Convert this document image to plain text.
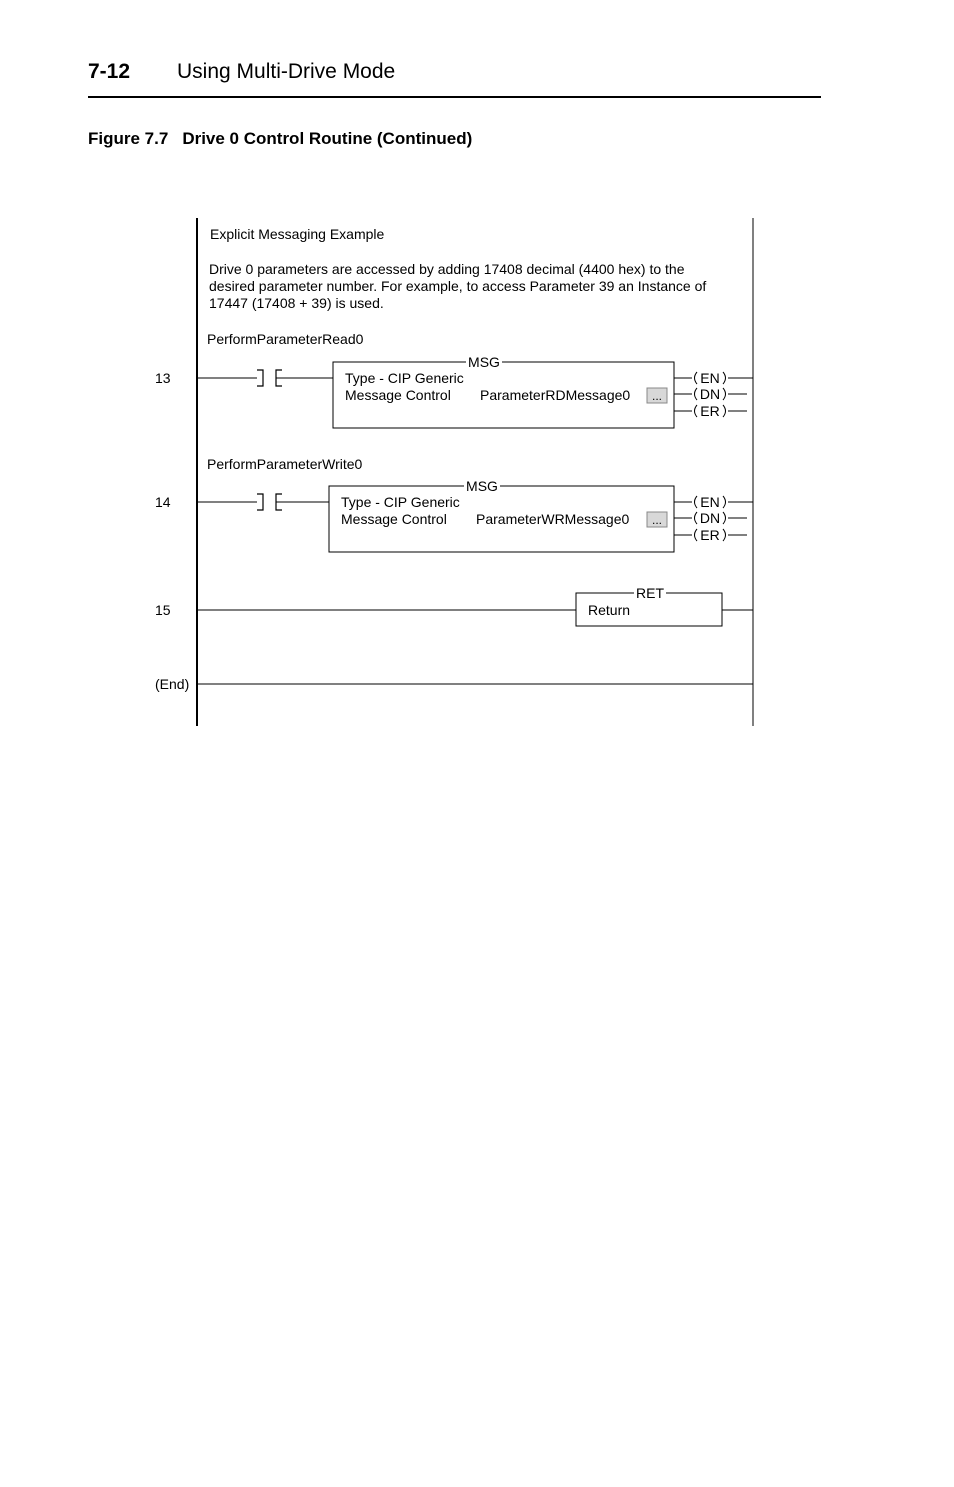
7-12 Using Multi-Drive Mode
Figure 7.7 Drive 0 Control Routine (Continued)
Explicit Messaging Example
Drive 0 parameters are accessed by adding 17408 decimal (4400 hex) to the
desired parameter number. For example, to access Parameter 39 an Instance of
17447 (17408 + 39) is used.
PerformParameterRead0
13
MSG
Type - CIP Generic
Message Control ParameterRDMessage0 ...
EN
DN
ER
PerformParameterWrite0
14
MSG
Type - CIP Generic
Message Control ParameterWRMessage0 ...
EN
DN
ER
15
RET
Return
(End)
